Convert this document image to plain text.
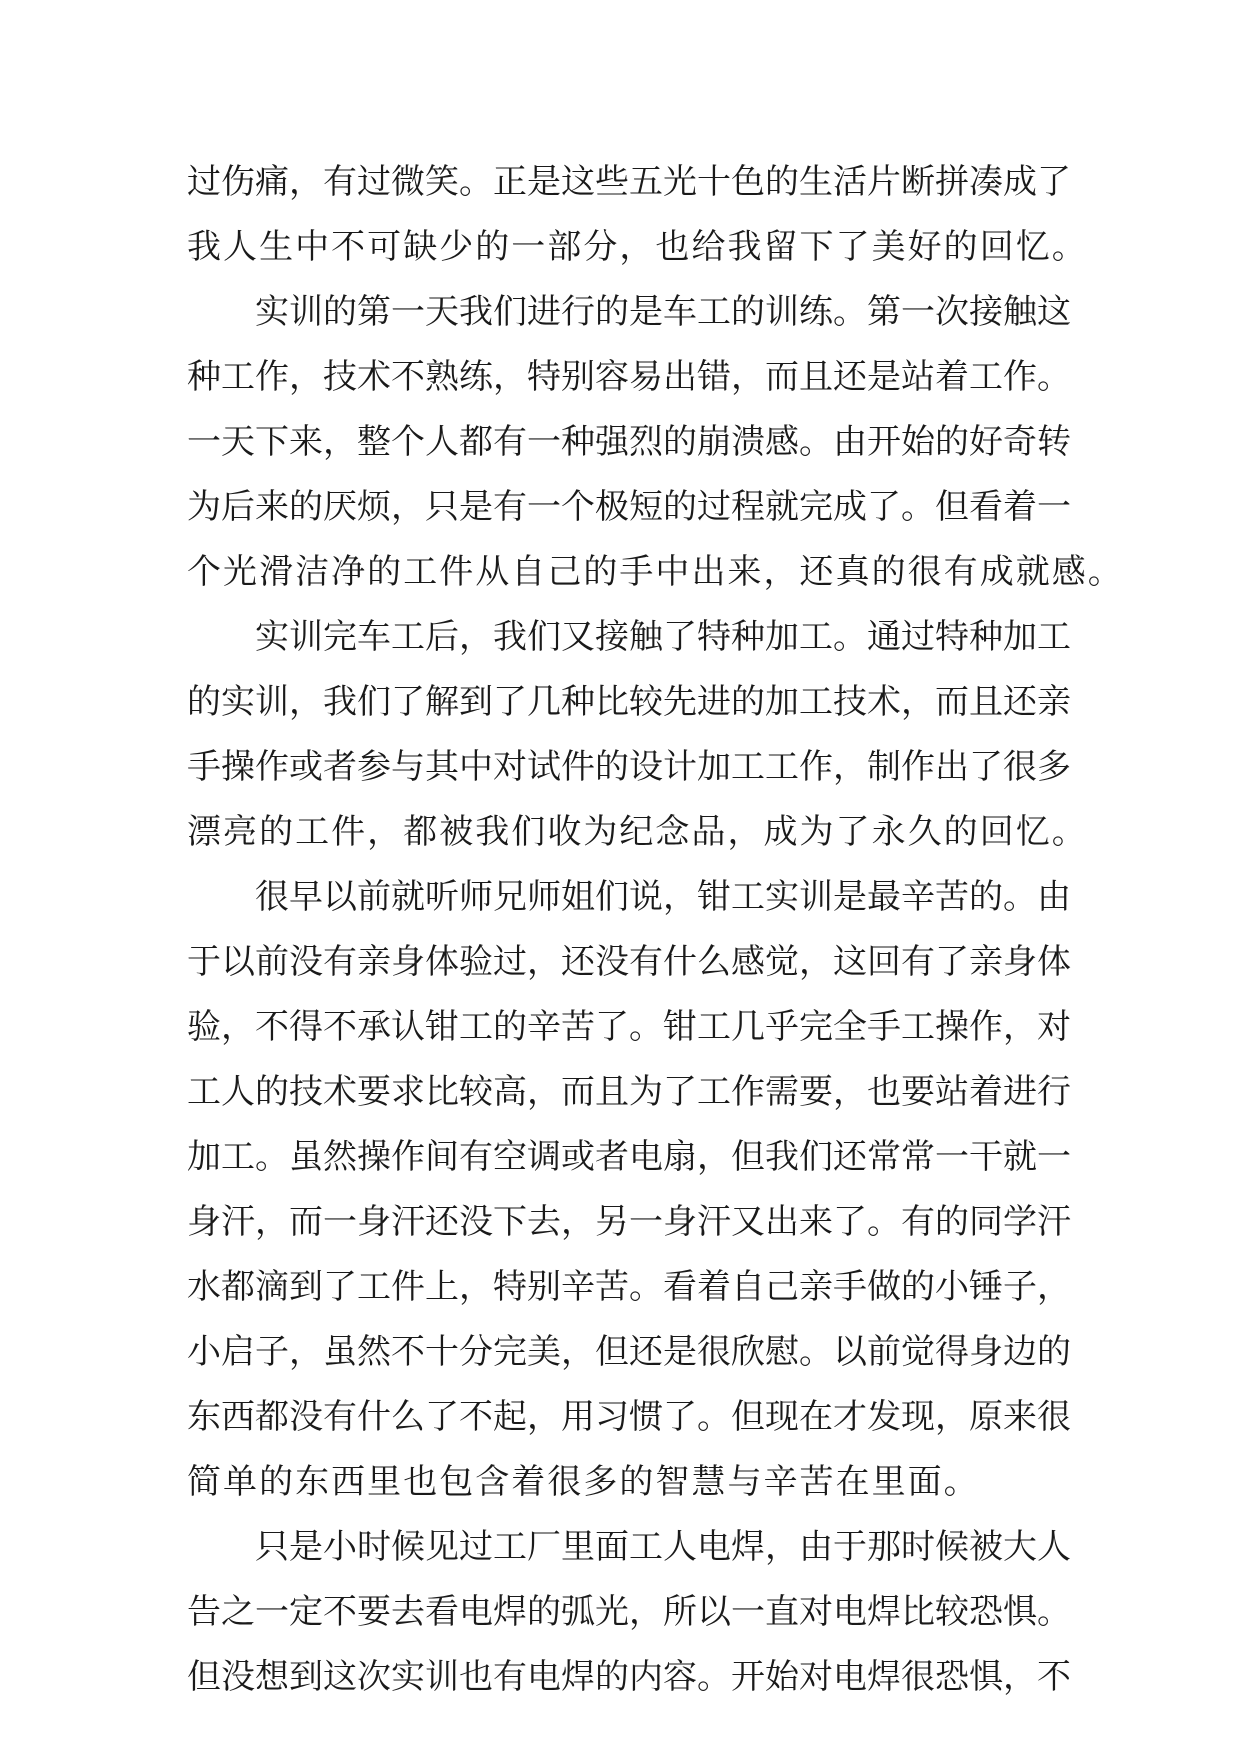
过 伤 痛 ， 有 过 微 笑 。 正 是 这 些 五 光 十 色 的 生 活 片 断 拼 凑 成 了
我 人 生 中 不 可 缺 少 的 一 部 分 ， 也 给 我 留 下 了 美 好 的 回 忆 。
实 训 的 第 一 天 我 们 进 行 的 是 车 工 的 训 练 。 第 一 次 接 触 这
种 工 作 ， 技 术 不 熟 练 ， 特 别 容 易 出 错 ， 而 且 还 是 站 着 工 作 。
一 天 下 来 ， 整 个 人 都 有 一 种 强 烈 的 崩 溃 感 。 由 开 始 的 好 奇 转
为 后 来 的 厌 烦 ， 只 是 有 一 个 极 短 的 过 程 就 完 成 了 。 但 看 着 一
个 光 滑 洁 净 的 工 件 从 自 己 的 手 中 出 来 ， 还 真 的 很 有 成 就 感 。
实 训 完 车 工 后 ， 我 们 又 接 触 了 特 种 加 工 。 通 过 特 种 加 工
的 实 训 ， 我 们 了 解 到 了 几 种 比 较 先 进 的 加 工 技 术 ， 而 且 还 亲
手 操 作 或 者 参 与 其 中 对 试 件 的 设 计 加 工 工 作 ， 制 作 出 了 很 多
漂 亮 的 工 件 ， 都 被 我 们 收 为 纪 念 品 ， 成 为 了 永 久 的 回 忆 。
很 早 以 前 就 听 师 兄 师 姐 们 说 ， 钳 工 实 训 是 最 辛 苦 的 。 由
于 以 前 没 有 亲 身 体 验 过 ， 还 没 有 什 么 感 觉 ， 这 回 有 了 亲 身 体
验 ， 不 得 不 承 认 钳 工 的 辛 苦 了 。 钳 工 几 乎 完 全 手 工 操 作 ， 对
工 人 的 技 术 要 求 比 较 高 ， 而 且 为 了 工 作 需 要 ， 也 要 站 着 进 行
加 工 。 虽 然 操 作 间 有 空 调 或 者 电 扇 ， 但 我 们 还 常 常 一 干 就 一
身 汗 ， 而 一 身 汗 还 没 下 去 ， 另 一 身 汗 又 出 来 了 。 有 的 同 学 汗
水 都 滴 到 了 工 件 上 ， 特 别 辛 苦 。 看 着 自 己 亲 手 做 的 小 锤 子 ，
小 启 子 ， 虽 然 不 十 分 完 美 ， 但 还 是 很 欣 慰 。 以 前 觉 得 身 边 的
东 西 都 没 有 什 么 了 不 起 ， 用 习 惯 了 。 但 现 在 才 发 现 ， 原 来 很
简 单 的 东 西 里 也 包 含 着 很 多 的 智 慧 与 辛 苦 在 里 面 。
只 是 小 时 候 见 过 工 厂 里 面 工 人 电 焊 ， 由 于 那 时 候 被 大 人
告 之 一 定 不 要 去 看 电 焊 的 弧 光 ， 所 以 一 直 对 电 焊 比 较 恐 惧 。
但 没 想 到 这 次 实 训 也 有 电 焊 的 内 容 。 开 始 对 电 焊 很 恐 惧 ， 不
